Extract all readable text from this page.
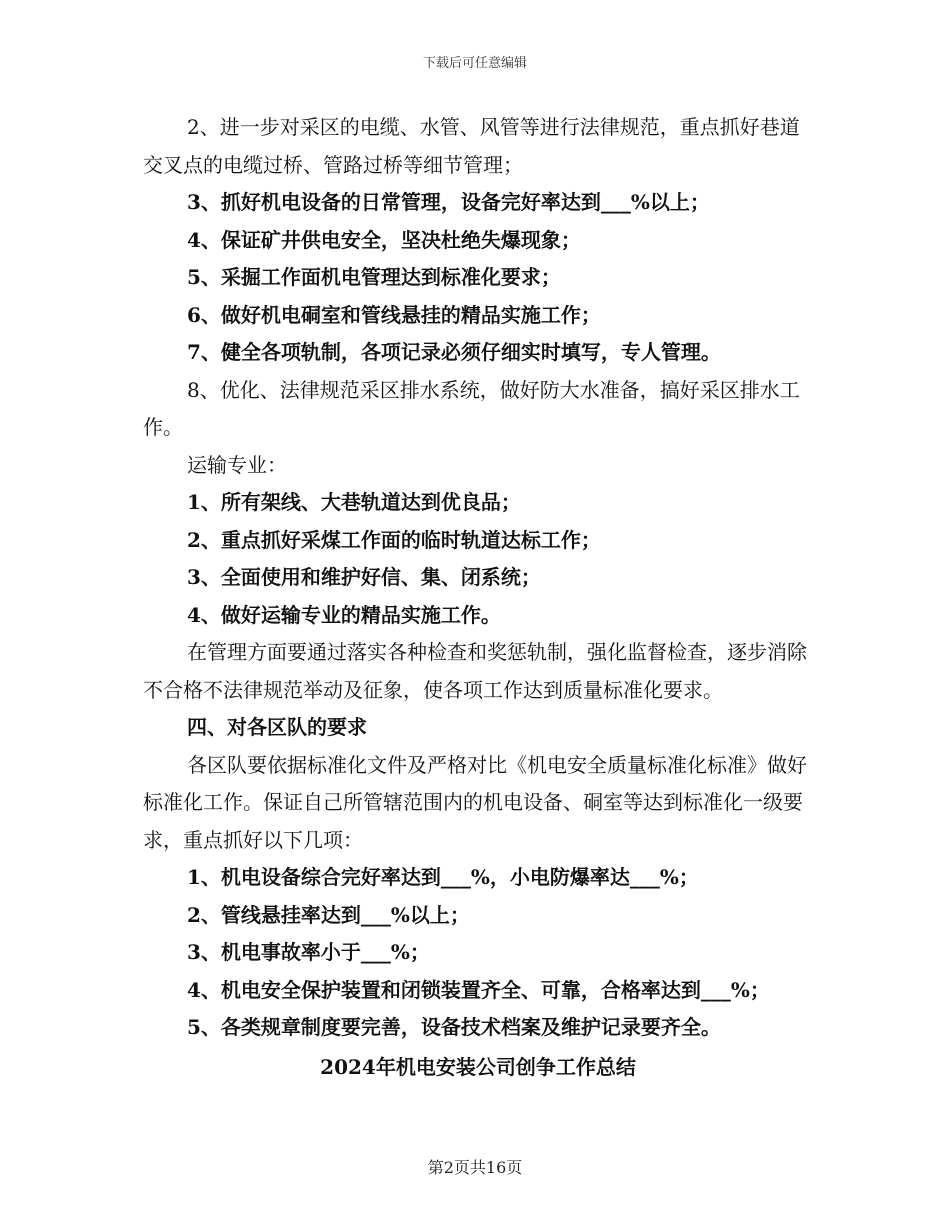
下载后可任意编辑

2、进一步对采区的电缆、水管、风管等进行法律规范，重点抓好巷道交叉点的电缆过桥、管路过桥等细节管理；

3、抓好机电设备的日常管理，设备完好率达到___%以上；

4、保证矿井供电安全，坚决杜绝失爆现象；

5、采掘工作面机电管理达到标准化要求；

6、做好机电硐室和管线悬挂的精品实施工作；

7、健全各项轨制，各项记录必须仔细实时填写，专人管理。

8、优化、法律规范采区排水系统，做好防大水准备，搞好采区排水工作。

运输专业：

1、所有架线、大巷轨道达到优良品；

2、重点抓好采煤工作面的临时轨道达标工作；

3、全面使用和维护好信、集、闭系统；

4、做好运输专业的精品实施工作。

在管理方面要通过落实各种检查和奖惩轨制，强化监督检查，逐步消除不合格不法律规范举动及征象，使各项工作达到质量标准化要求。

四、对各区队的要求

各区队要依据标准化文件及严格对比《机电安全质量标准化标准》做好标准化工作。保证自己所管辖范围内的机电设备、硐室等达到标准化一级要求，重点抓好以下几项：

1、机电设备综合完好率达到___%，小电防爆率达___%；

2、管线悬挂率达到___%以上；

3、机电事故率小于___%；

4、机电安全保护装置和闭锁装置齐全、可靠，合格率达到___%；

5、各类规章制度要完善，设备技术档案及维护记录要齐全。

2024年机电安装公司创争工作总结

第2页共16页
